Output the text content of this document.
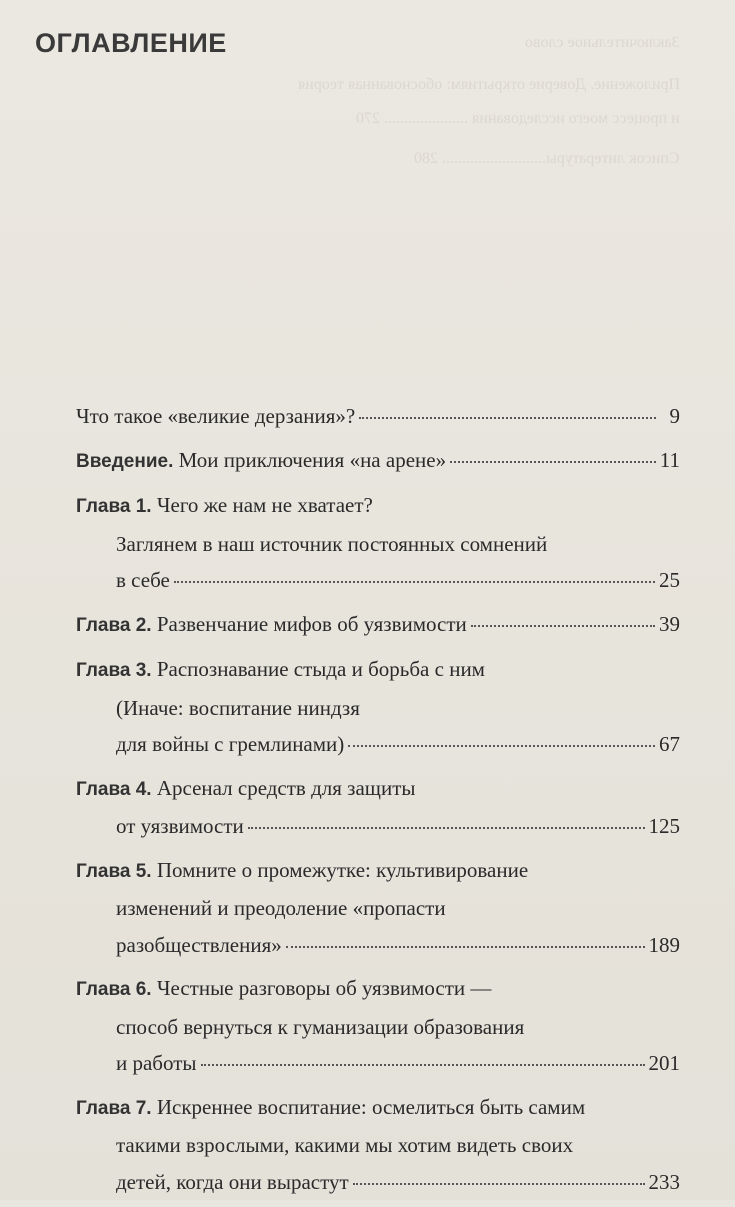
Заключительное слово
Приложение. Доверие открытиям: обоснованная теория
и процесс моего исследования ..................... 270
Список литературы.......................... 280
ОГЛАВЛЕНИЕ
Что такое «великие дерзания»?	9
Введение.
Мои приключения «на арене»	11
Глава 1.
Чего же нам не хватает?
Заглянем в наш источник постоянных сомнений
в себе	25
Глава 2.
Развенчание мифов об уязвимости	39
Глава 3.
Распознавание стыда и борьба с ним
(Иначе: воспитание ниндзя
для войны с гремлинами)	67
Глава 4.
Арсенал средств для защиты
от уязвимости	125
Глава 5.
Помните о промежутке: культивирование
изменений и преодоление «пропасти
разобществления»	189
Глава 6.
Честные разговоры об уязвимости —
способ вернуться к гуманизации образования
и работы	201
Глава 7.
Искреннее воспитание: осмелиться быть самим
такими взрослыми, какими мы хотим видеть своих
детей, когда они вырастут	233
